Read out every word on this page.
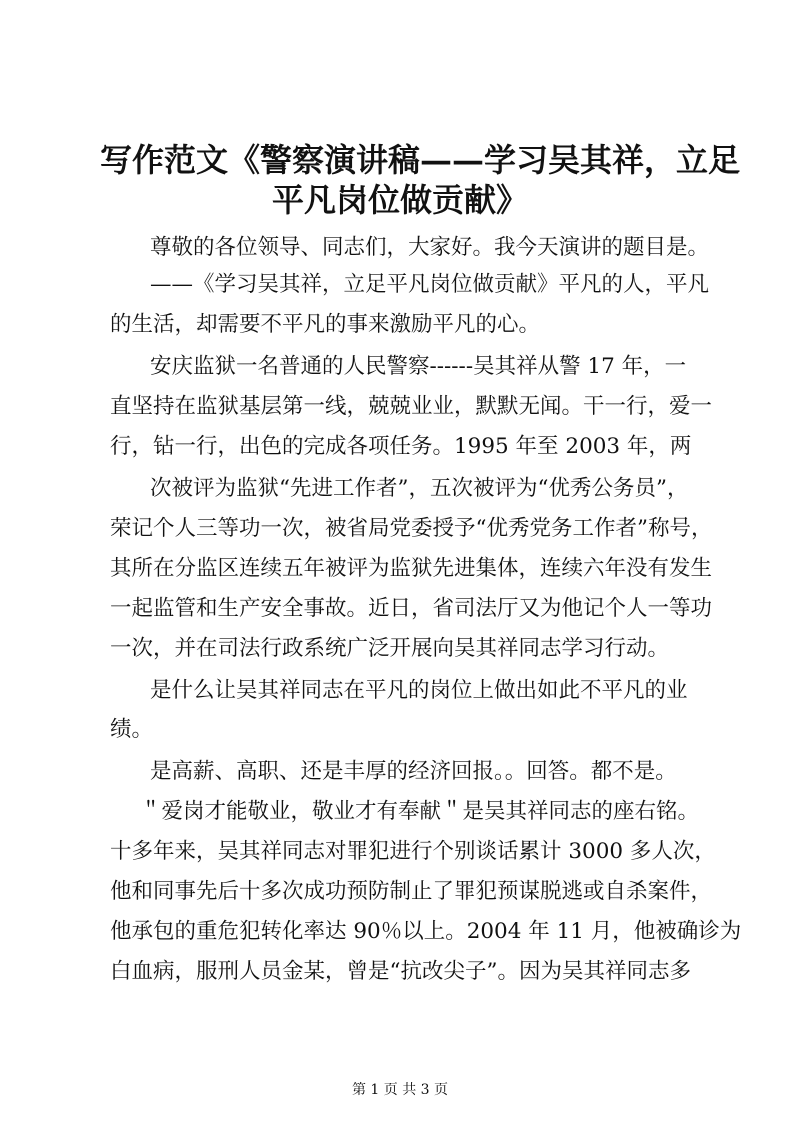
写作范文《警察演讲稿——学习吴其祥，立足
平凡岗位做贡献》
尊敬的各位领导、同志们，大家好。我今天演讲的题目是。
——《学习吴其祥，立足平凡岗位做贡献》平凡的人，平凡
的生活，却需要不平凡的事来激励平凡的心。
安庆监狱一名普通的人民警察------吴其祥从警 17 年，一
直坚持在监狱基层第一线，兢兢业业，默默无闻。干一行，爱一
行，钻一行，出色的完成各项任务。1995 年至 2003 年，两
次被评为监狱“先进工作者”，五次被评为“优秀公务员”，
荣记个人三等功一次，被省局党委授予“优秀党务工作者”称号，
其所在分监区连续五年被评为监狱先进集体，连续六年没有发生
一起监管和生产安全事故。近日，省司法厅又为他记个人一等功
一次，并在司法行政系统广泛开展向吴其祥同志学习行动。
是什么让吴其祥同志在平凡的岗位上做出如此不平凡的业
绩。
是高薪、高职、还是丰厚的经济回报。。回答。都不是。
＂爱岗才能敬业，敬业才有奉献＂是吴其祥同志的座右铭。
十多年来，吴其祥同志对罪犯进行个别谈话累计 3000 多人次，
他和同事先后十多次成功预防制止了罪犯预谋脱逃或自杀案件，
他承包的重危犯转化率达 90％以上。2004 年 11 月，他被确诊为
白血病，服刑人员金某，曾是“抗改尖子”。因为吴其祥同志多
第 1 页 共 3 页
